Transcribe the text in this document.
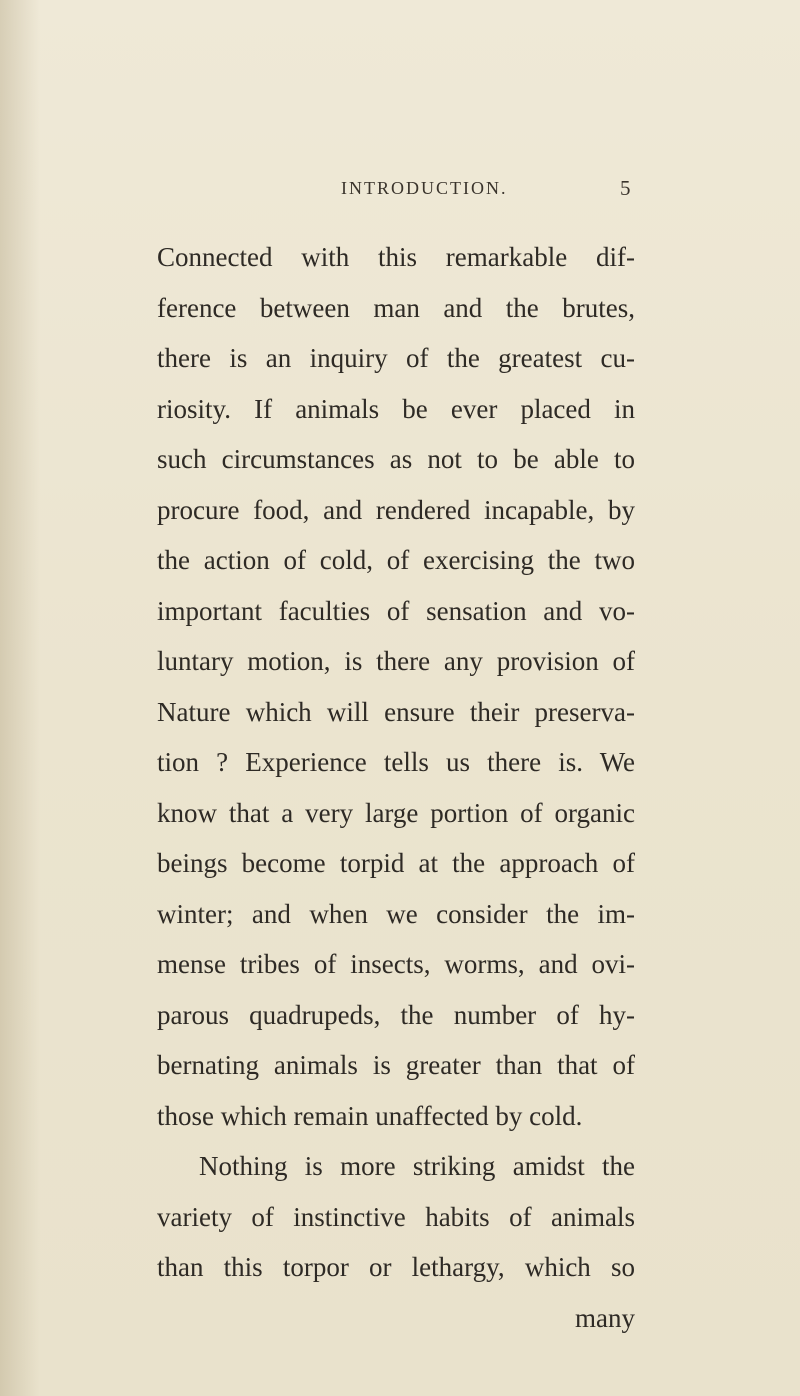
INTRODUCTION.	5
Connected with this remarkable dif-
ference between man and the brutes,
there is an inquiry of the greatest cu-
riosity. If animals be ever placed in
such circumstances as not to be able to
procure food, and rendered incapable, by
the action of cold, of exercising the two
important faculties of sensation and vo-
luntary motion, is there any provision of
Nature which will ensure their preserva-
tion ? Experience tells us there is. We
know that a very large portion of organic
beings become torpid at the approach of
winter; and when we consider the im-
mense tribes of insects, worms, and ovi-
parous quadrupeds, the number of hy-
bernating animals is greater than that of
those which remain unaffected by cold.
Nothing is more striking amidst the
variety of instinctive habits of animals
than this torpor or lethargy, which so
many
